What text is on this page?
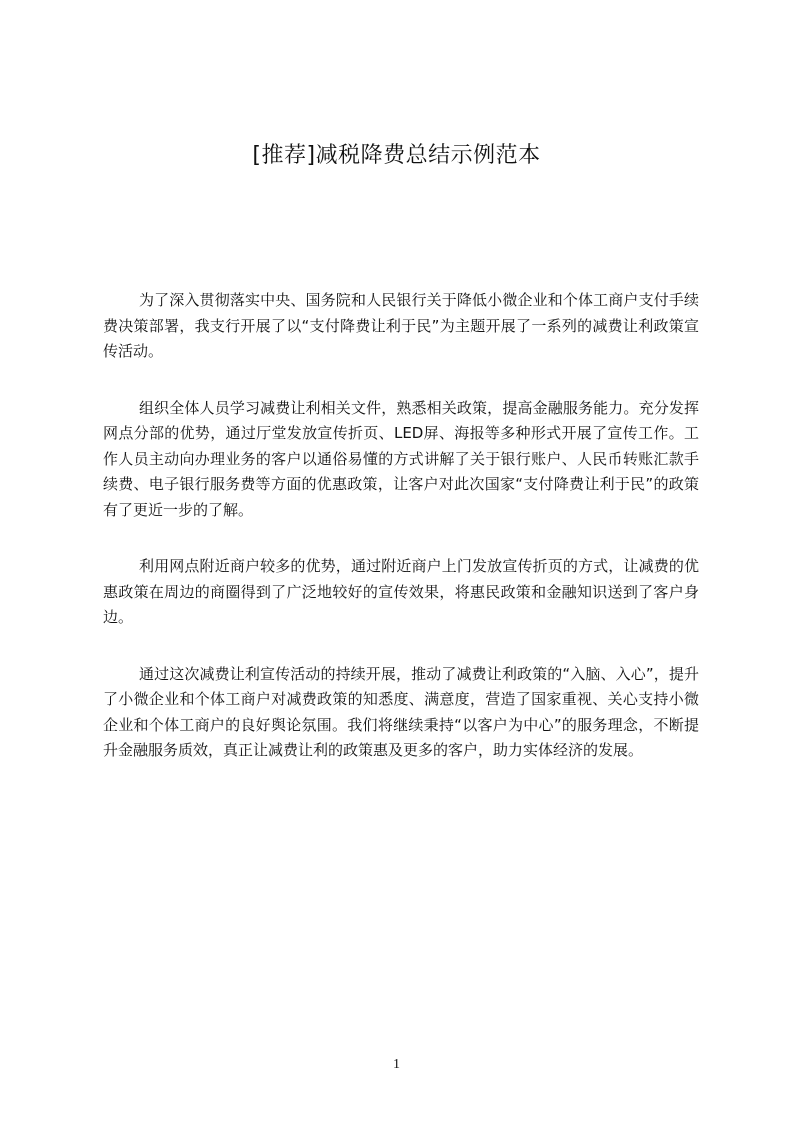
[推荐]减税降费总结示例范本

为了深入贯彻落实中央、国务院和人民银行关于降低小微企业和个体工商户支付手续费决策部署，我支行开展了以“支付降费让利于民”为主题开展了一系列的减费让利政策宣传活动。

组织全体人员学习减费让利相关文件，熟悉相关政策，提高金融服务能力。充分发挥网点分部的优势，通过厅堂发放宣传折页、LED屏、海报等多种形式开展了宣传工作。工作人员主动向办理业务的客户以通俗易懂的方式讲解了关于银行账户、人民币转账汇款手续费、电子银行服务费等方面的优惠政策，让客户对此次国家“支付降费让利于民”的政策有了更近一步的了解。

利用网点附近商户较多的优势，通过附近商户上门发放宣传折页的方式，让减费的优惠政策在周边的商圈得到了广泛地较好的宣传效果，将惠民政策和金融知识送到了客户身边。

通过这次减费让利宣传活动的持续开展，推动了减费让利政策的“入脑、入心”，提升了小微企业和个体工商户对减费政策的知悉度、满意度，营造了国家重视、关心支持小微企业和个体工商户的良好舆论氛围。我们将继续秉持“以客户为中心”的服务理念，不断提升金融服务质效，真正让减费让利的政策惠及更多的客户，助力实体经济的发展。

1
